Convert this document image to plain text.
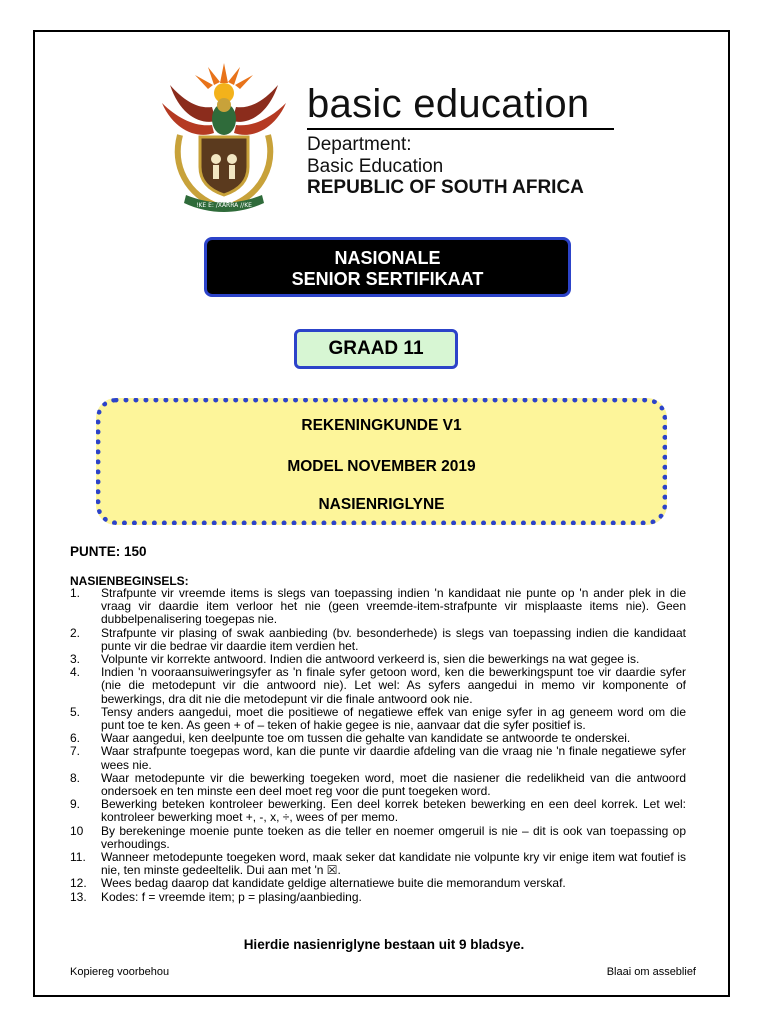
!KE E: /XARRA //KE
basic education
Department:
Basic Education
REPUBLIC OF SOUTH AFRICA
NASIONALE
SENIOR SERTIFIKAAT
GRAAD 11
REKENINGKUNDE V1
MODEL NOVEMBER 2019
NASIENRIGLYNE
PUNTE: 150
NASIENBEGINSELS:
1.	Strafpunte vir vreemde items is slegs van toepassing indien 'n kandidaat nie punte op 'n ander plek in die vraag vir daardie item verloor het nie (geen vreemde-item-strafpunte vir misplaaste items nie). Geen dubbelpenalisering toegepas nie.
2.	Strafpunte vir plasing of swak aanbieding (bv. besonderhede) is slegs van toepassing indien die kandidaat punte vir die bedrae vir daardie item verdien het.
3.	Volpunte vir korrekte antwoord. Indien die antwoord verkeerd is, sien die bewerkings na wat gegee is.
4.	Indien 'n vooraansuiweringsyfer as 'n finale syfer getoon word, ken die bewerkingspunt toe vir daardie syfer (nie die metodepunt vir die antwoord nie). Let wel: As syfers aangedui in memo vir komponente of bewerkings, dra dit nie die metodepunt vir die finale antwoord ook nie.
5.	Tensy anders aangedui, moet die positiewe of negatiewe effek van enige syfer in ag geneem word om die punt toe te ken. As geen + of – teken of hakie gegee is nie, aanvaar dat die syfer positief is.
6.	Waar aangedui, ken deelpunte toe om tussen die gehalte van kandidate se antwoorde te onderskei.
7.	Waar strafpunte toegepas word, kan die punte vir daardie afdeling van die vraag nie 'n finale negatiewe syfer wees nie.
8.	Waar metodepunte vir die bewerking toegeken word, moet die nasiener die redelikheid van die antwoord ondersoek en ten minste een deel moet reg voor die punt toegeken word.
9.	Bewerking beteken kontroleer bewerking. Een deel korrek beteken bewerking en een deel korrek. Let wel: kontroleer bewerking moet +, -, x, ÷, wees of per memo.
10	By berekeninge moenie punte toeken as die teller en noemer omgeruil is nie – dit is ook van toepassing op verhoudings.
11.	Wanneer metodepunte toegeken word, maak seker dat kandidate nie volpunte kry vir enige item wat foutief is nie, ten minste gedeeltelik. Dui aan met 'n ☒.
12.	Wees bedag daarop dat kandidate geldige alternatiewe buite die memorandum verskaf.
13.	Kodes: f = vreemde item; p = plasing/aanbieding.
Hierdie nasienriglyne bestaan uit 9 bladsye.
Kopiereg voorbehou	Blaai om asseblief
